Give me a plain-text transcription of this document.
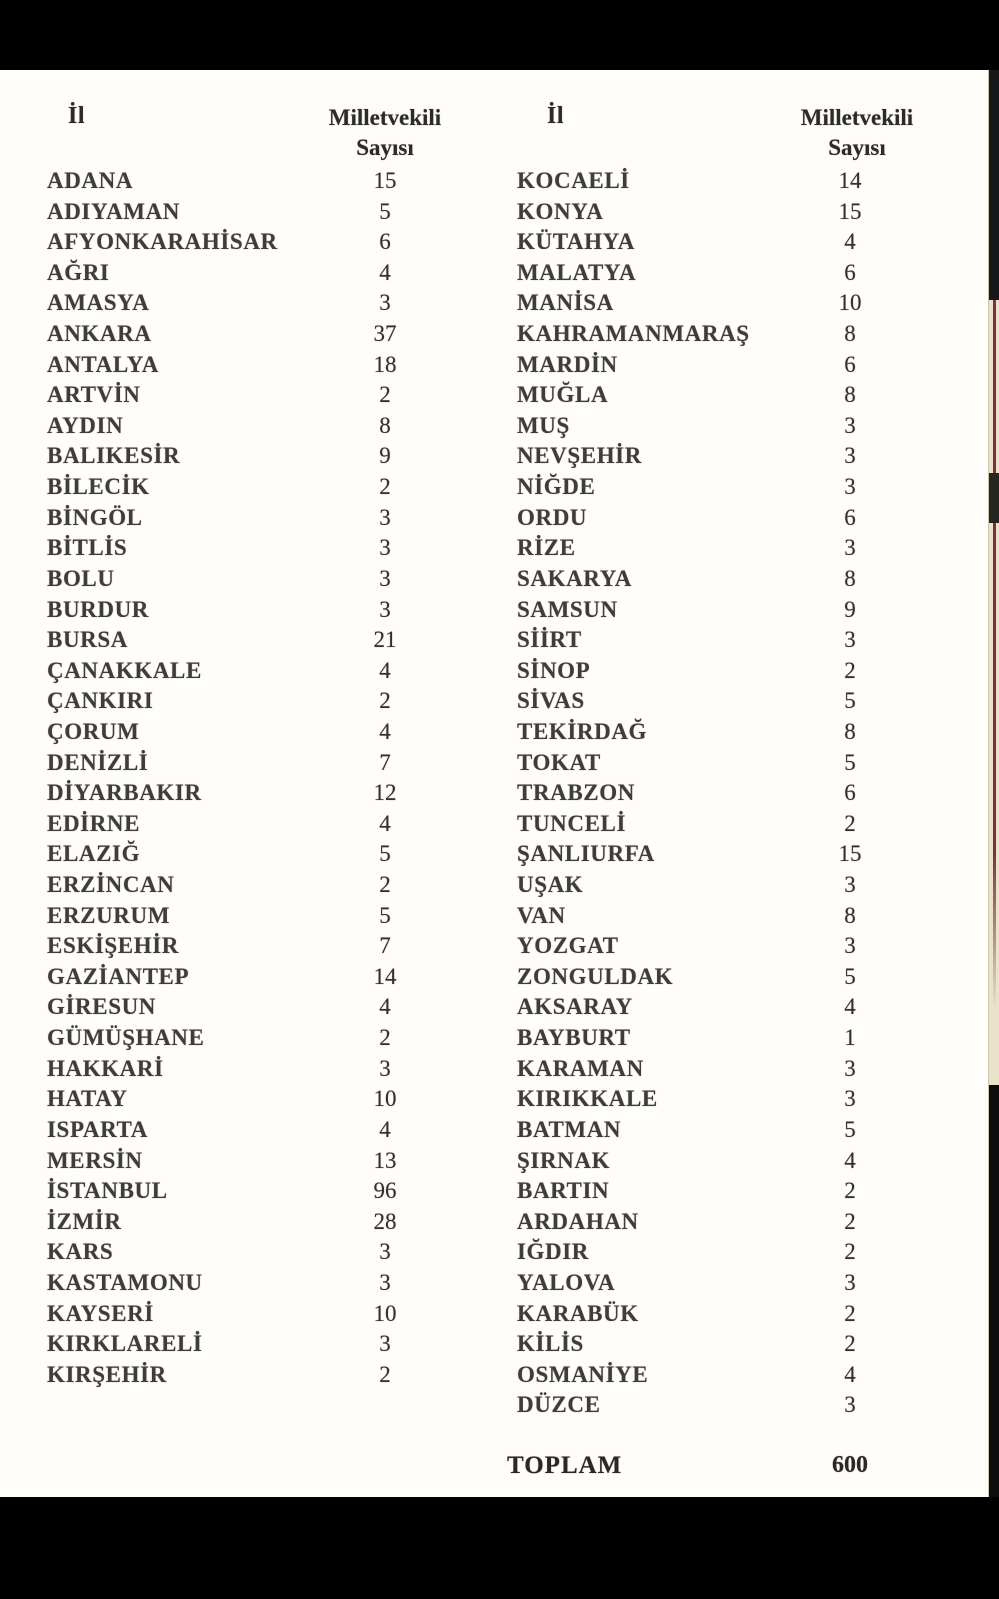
İl	Milletvekili
Sayısı
ADANA	15
ADIYAMAN	5
AFYONKARAHİSAR	6
AĞRI	4
AMASYA	3
ANKARA	37
ANTALYA	18
ARTVİN	2
AYDIN	8
BALIKESİR	9
BİLECİK	2
BİNGÖL	3
BİTLİS	3
BOLU	3
BURDUR	3
BURSA	21
ÇANAKKALE	4
ÇANKIRI	2
ÇORUM	4
DENİZLİ	7
DİYARBAKIR	12
EDİRNE	4
ELAZIĞ	5
ERZİNCAN	2
ERZURUM	5
ESKİŞEHİR	7
GAZİANTEP	14
GİRESUN	4
GÜMÜŞHANE	2
HAKKARİ	3
HATAY	10
ISPARTA	4
MERSİN	13
İSTANBUL	96
İZMİR	28
KARS	3
KASTAMONU	3
KAYSERİ	10
KIRKLARELİ	3
KIRŞEHİR	2
İl	Milletvekili
Sayısı
KOCAELİ	14
KONYA	15
KÜTAHYA	4
MALATYA	6
MANİSA	10
KAHRAMANMARAŞ	8
MARDİN	6
MUĞLA	8
MUŞ	3
NEVŞEHİR	3
NİĞDE	3
ORDU	6
RİZE	3
SAKARYA	8
SAMSUN	9
SİİRT	3
SİNOP	2
SİVAS	5
TEKİRDAĞ	8
TOKAT	5
TRABZON	6
TUNCELİ	2
ŞANLIURFA	15
UŞAK	3
VAN	8
YOZGAT	3
ZONGULDAK	5
AKSARAY	4
BAYBURT	1
KARAMAN	3
KIRIKKALE	3
BATMAN	5
ŞIRNAK	4
BARTIN	2
ARDAHAN	2
IĞDIR	2
YALOVA	3
KARABÜK	2
KİLİS	2
OSMANİYE	4
DÜZCE	3
TOPLAM	600
